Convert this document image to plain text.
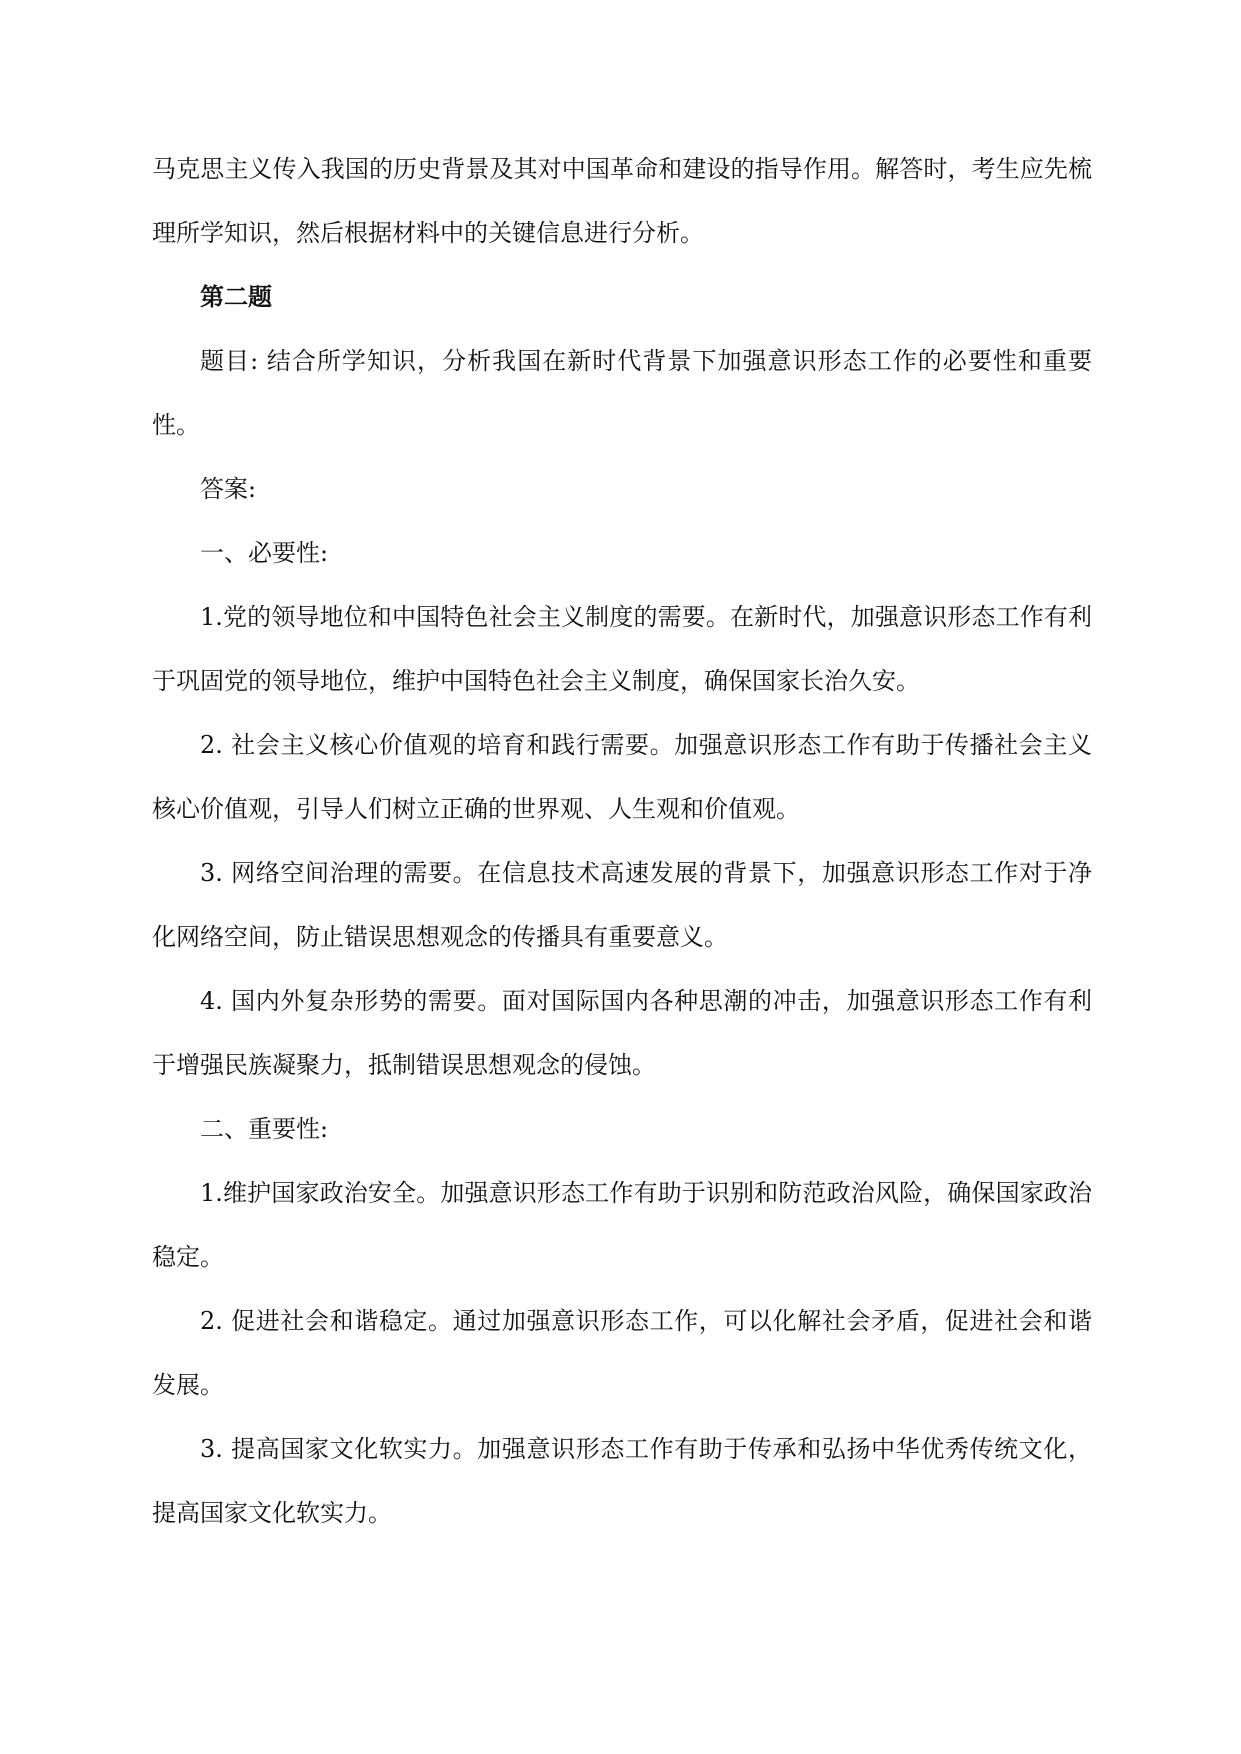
马克思主义传入我国的历史背景及其对中国革命和建设的指导作用。解答时，考生应先梳理所学知识，然后根据材料中的关键信息进行分析。

第二题

题目: 结合所学知识，分析我国在新时代背景下加强意识形态工作的必要性和重要性。

答案:

一、必要性:

1.党的领导地位和中国特色社会主义制度的需要。在新时代，加强意识形态工作有利于巩固党的领导地位，维护中国特色社会主义制度，确保国家长治久安。

2. 社会主义核心价值观的培育和践行需要。加强意识形态工作有助于传播社会主义核心价值观，引导人们树立正确的世界观、人生观和价值观。

3. 网络空间治理的需要。在信息技术高速发展的背景下，加强意识形态工作对于净化网络空间，防止错误思想观念的传播具有重要意义。

4. 国内外复杂形势的需要。面对国际国内各种思潮的冲击，加强意识形态工作有利于增强民族凝聚力，抵制错误思想观念的侵蚀。

二、重要性:

1.维护国家政治安全。加强意识形态工作有助于识别和防范政治风险，确保国家政治稳定。

2. 促进社会和谐稳定。通过加强意识形态工作，可以化解社会矛盾，促进社会和谐发展。

3. 提高国家文化软实力。加强意识形态工作有助于传承和弘扬中华优秀传统文化，提高国家文化软实力。
